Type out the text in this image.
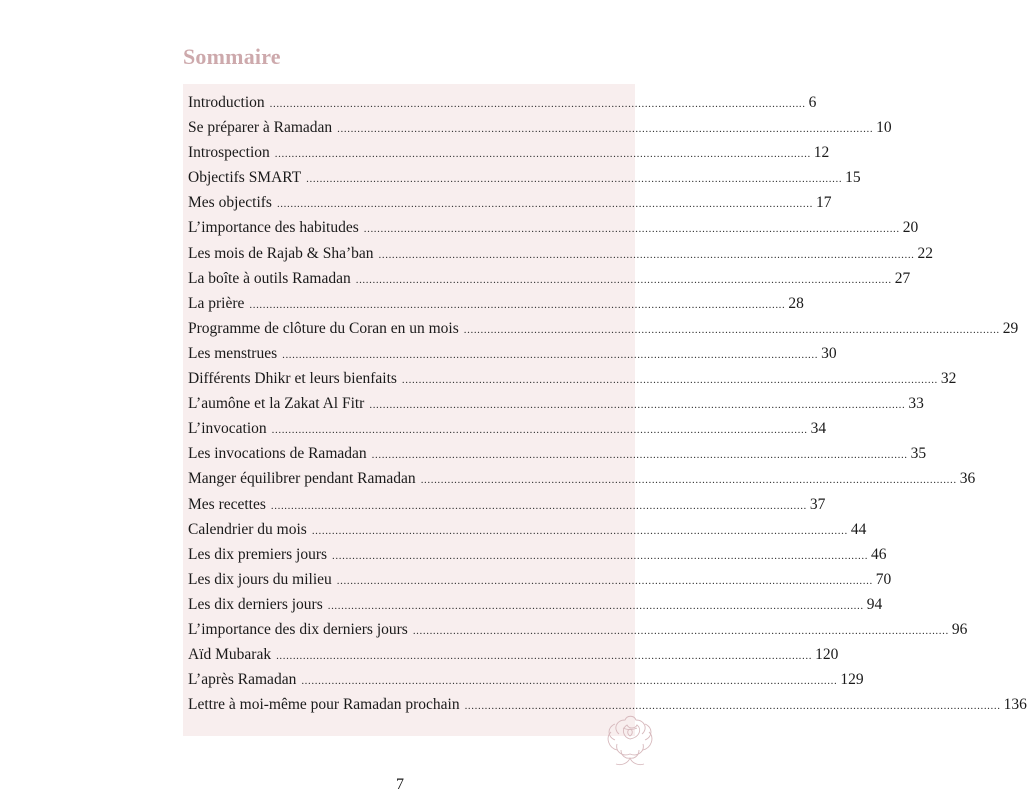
Sommaire
Introduction ................................................................................................................................................................ 6
Se préparer à Ramadan ................................................................................................................................................................ 10
Introspection ................................................................................................................................................................ 12
Objectifs SMART ................................................................................................................................................................ 15
Mes objectifs ................................................................................................................................................................ 17
L’importance des habitudes ................................................................................................................................................................ 20
Les mois de Rajab & Sha’ban ................................................................................................................................................................ 22
La boîte à outils Ramadan ................................................................................................................................................................ 27
La prière ................................................................................................................................................................ 28
Programme de clôture du Coran en un mois ................................................................................................................................................................ 29
Les menstrues ................................................................................................................................................................ 30
Différents Dhikr et leurs bienfaits ................................................................................................................................................................ 32
L’aumône et la Zakat Al Fitr ................................................................................................................................................................ 33
L’invocation ................................................................................................................................................................ 34
Les invocations de Ramadan ................................................................................................................................................................ 35
Manger équilibrer pendant Ramadan ................................................................................................................................................................ 36
Mes recettes ................................................................................................................................................................ 37
Calendrier du mois ................................................................................................................................................................ 44
Les dix premiers jours ................................................................................................................................................................ 46
Les dix jours du milieu ................................................................................................................................................................ 70
Les dix derniers jours ................................................................................................................................................................ 94
L’importance des dix derniers jours ................................................................................................................................................................ 96
Aïd Mubarak ................................................................................................................................................................ 120
L’après Ramadan ................................................................................................................................................................ 129
Lettre à moi-même pour Ramadan prochain ................................................................................................................................................................ 136
7
